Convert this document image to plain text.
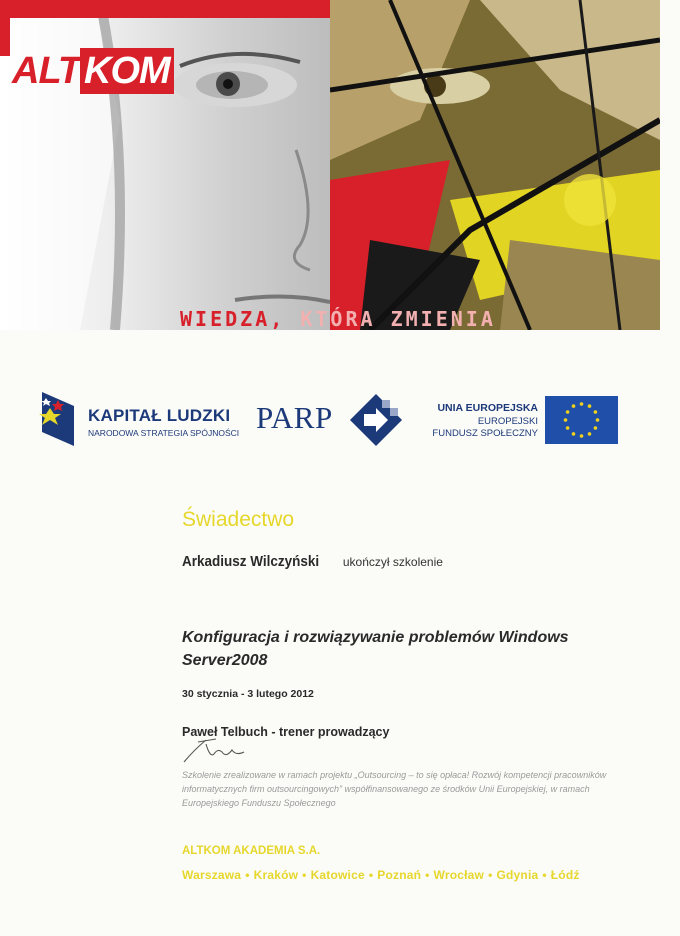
ALT KOM
WIEDZA, KTÓRA ZMIENIA
KAPITAŁ LUDZKI
NARODOWA STRATEGIA SPÓJNOŚCI PARP	UNIA EUROPEJSKA
EUROPEJSKI
FUNDUSZ SPOŁECZNY
Świadectwo
Arkadiusz Wilczyński ukończył szkolenie
Konfiguracja i rozwiązywanie problemów Windows Server2008
30 stycznia - 3 lutego 2012
Paweł Telbuch - trener prowadzący
Szkolenie zrealizowane w ramach projektu „Outsourcing – to się opłaca! Rozwój kompetencji pracowników informatycznych firm outsourcingowych” współfinansowanego ze środków Unii Europejskiej, w ramach Europejskiego Funduszu Społecznego
ALTKOM AKADEMIA S.A.
Warszawa • Kraków • Katowice • Poznań • Wrocław • Gdynia • Łódź
